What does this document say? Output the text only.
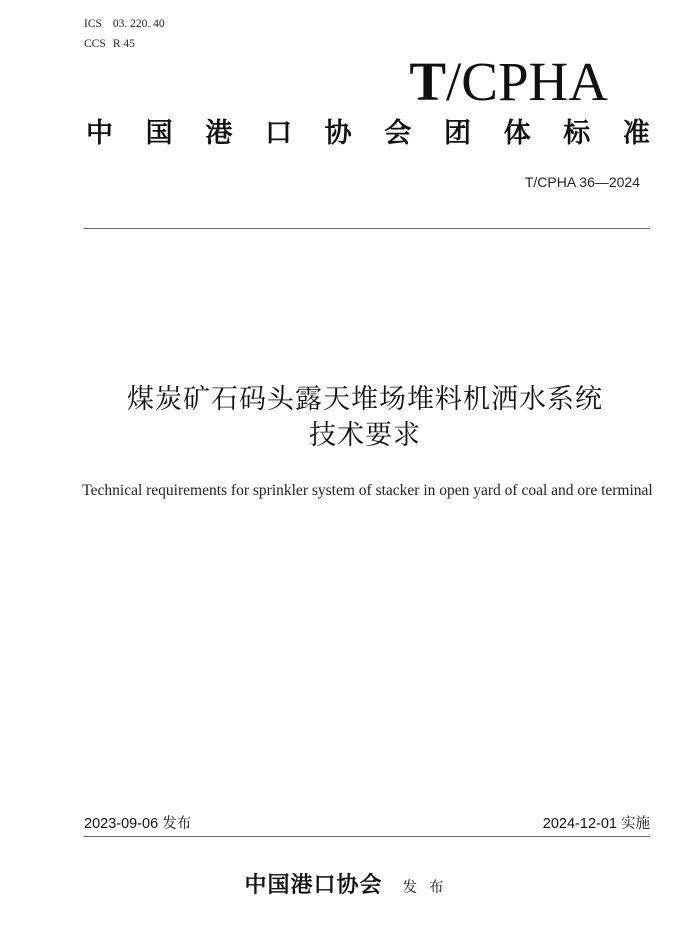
ICS 03. 220. 40
CCS R 45
T/CPHA
中 国 港 口 协 会 团 体 标 准
T/CPHA 36—2024
煤炭矿石码头露天堆场堆料机洒水系统
技术要求
Technical requirements for sprinkler system of stacker in open yard of coal and ore terminal
2023-09-06 发布	2024-12-01 实施
中国港口协会 发布
